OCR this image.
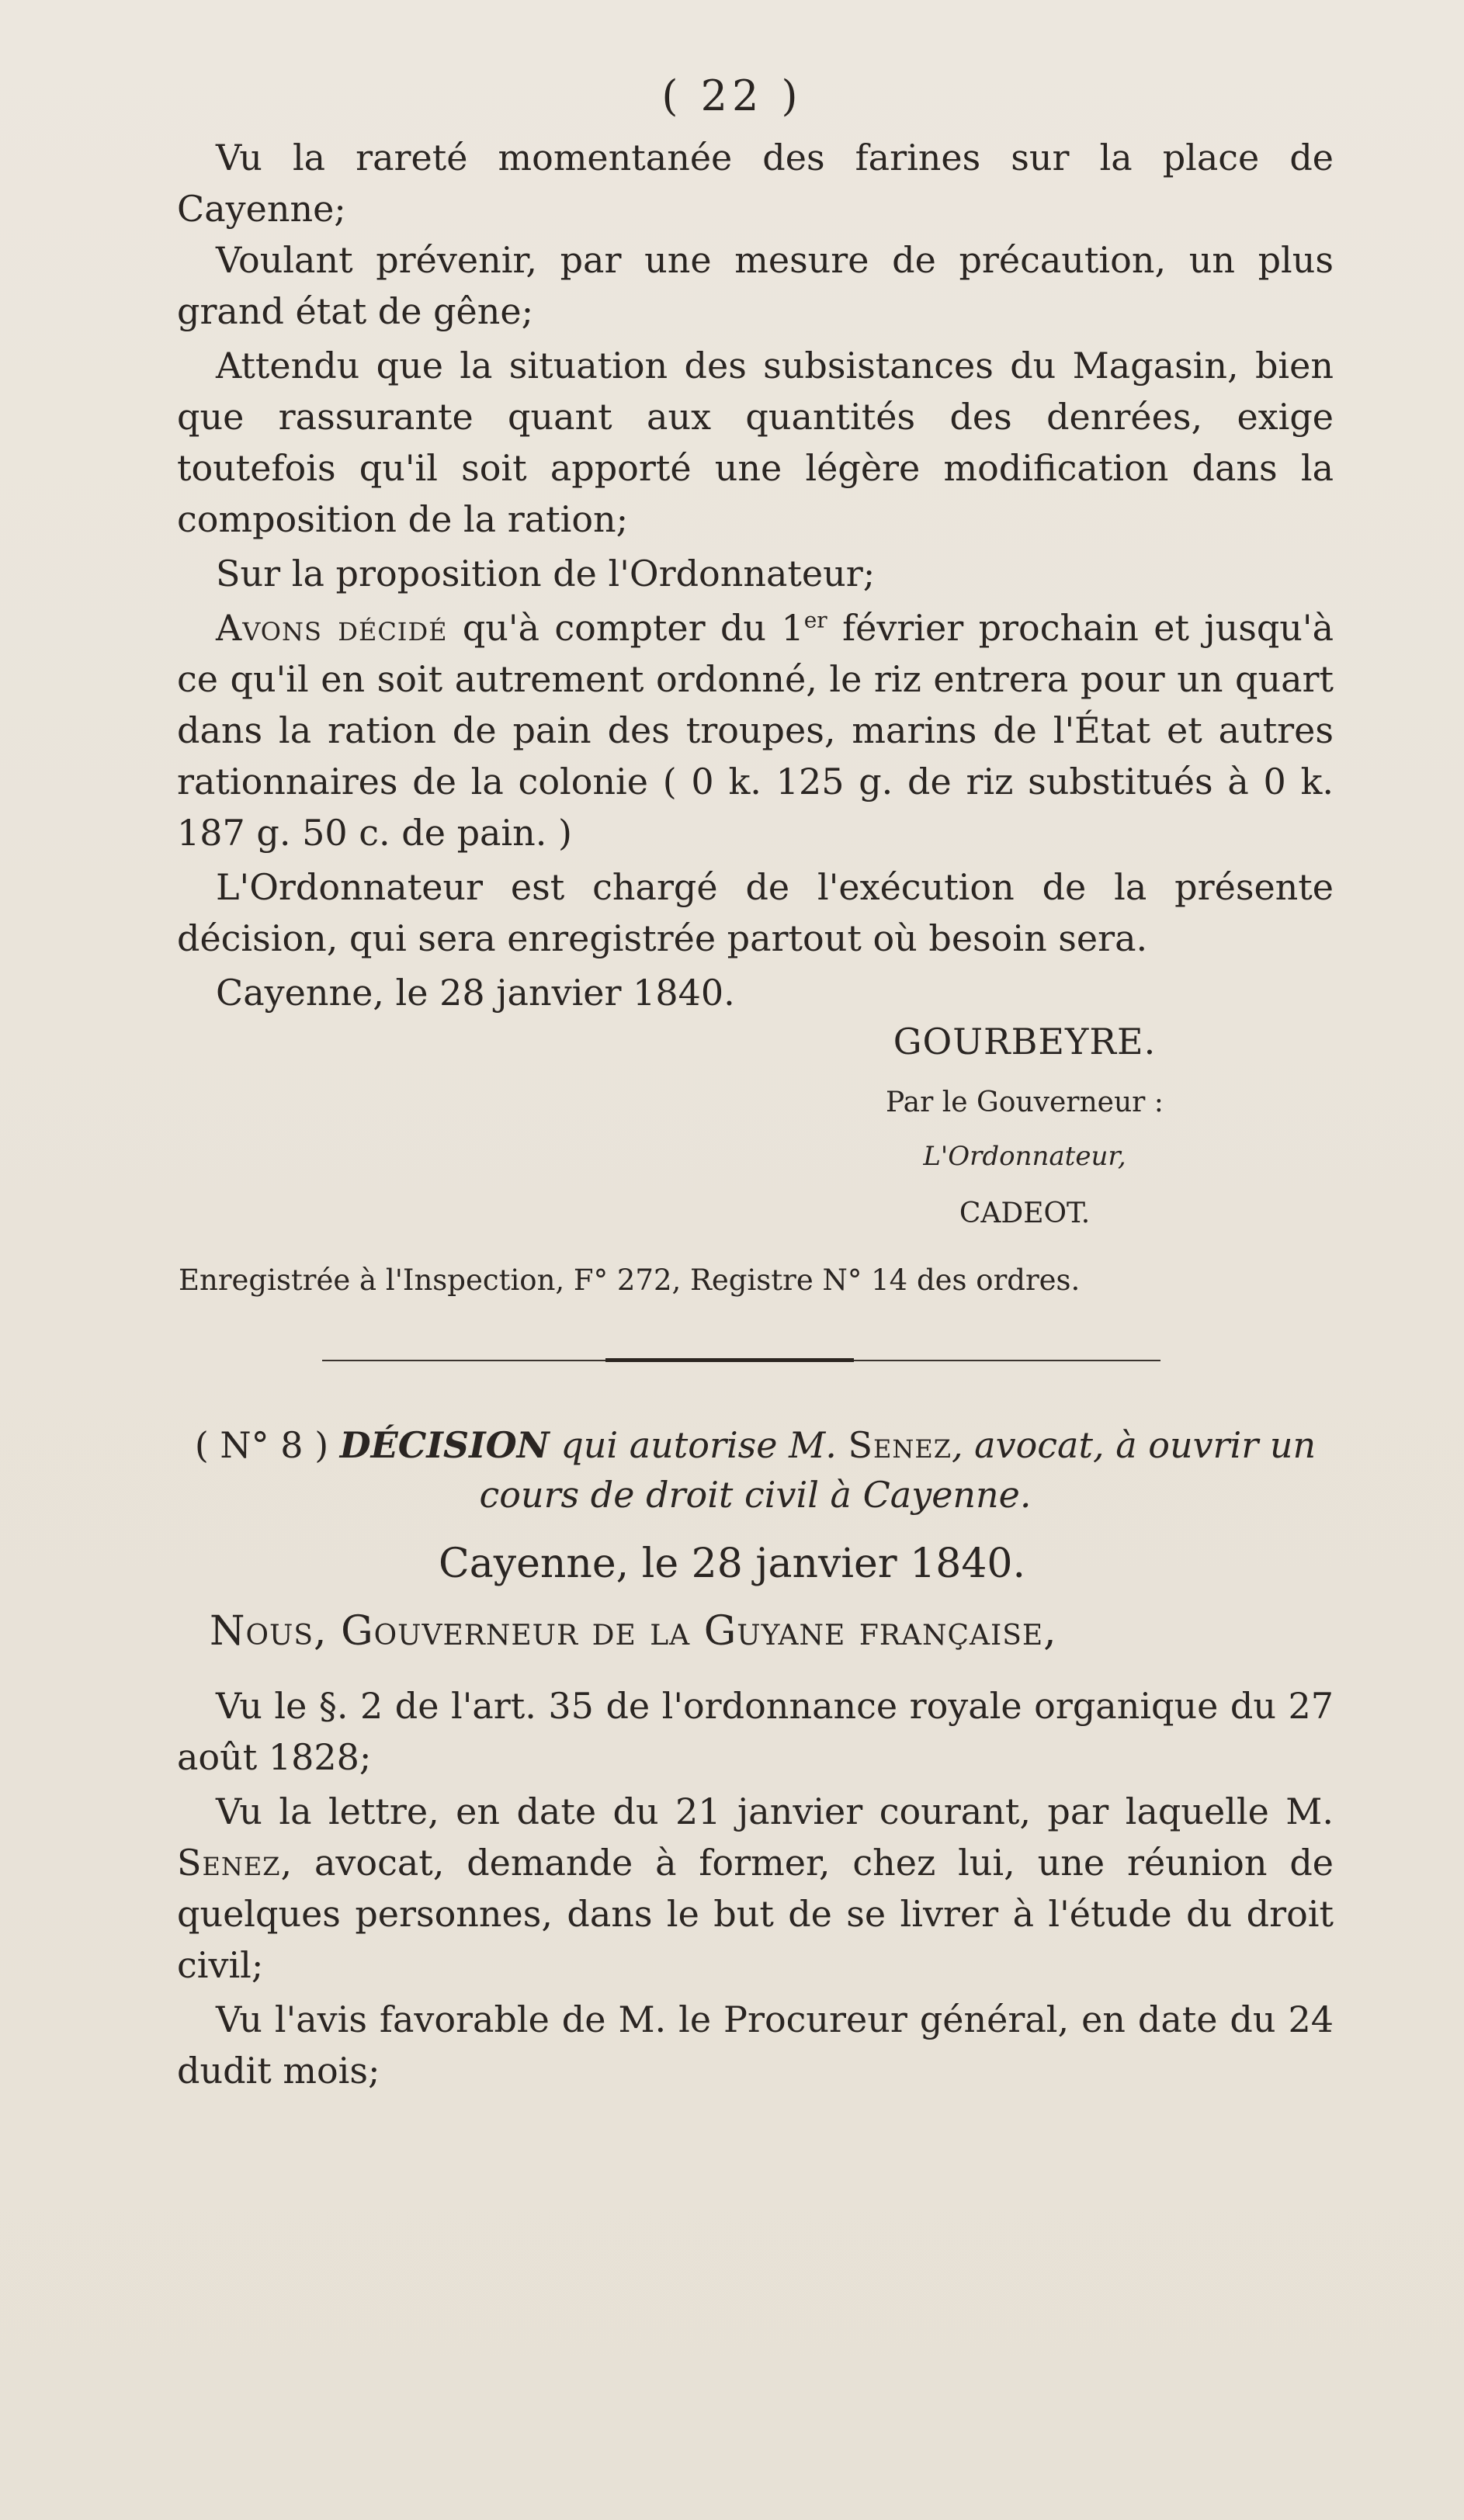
( 22 )

Vu la rareté momentanée des farines sur la place de Cayenne;

Voulant prévenir, par une mesure de précaution, un plus grand état de gêne;

Attendu que la situation des subsistances du Magasin, bien que rassurante quant aux quantités des denrées, exige toutefois qu'il soit apporté une légère modification dans la composition de la ration;

Sur la proposition de l'Ordonnateur;

Avons décidé qu'à compter du 1er février prochain et jusqu'à ce qu'il en soit autrement ordonné, le riz entrera pour un quart dans la ration de pain des troupes, marins de l'État et autres rationnaires de la colonie ( 0 k. 125 g. de riz substitués à 0 k. 187 g. 50 c. de pain. )

L'Ordonnateur est chargé de l'exécution de la présente décision, qui sera enregistrée partout où besoin sera.

Cayenne, le 28 janvier 1840.

GOURBEYRE.
Par le Gouverneur :
L'Ordonnateur,
CADEOT.
Enregistrée à l'Inspection, F° 272, Registre N° 14 des ordres.
( N° 8 ) DÉCISION qui autorise M. Senez, avocat, à ouvrir un cours de droit civil à Cayenne.
Cayenne, le 28 janvier 1840.
Nous, Gouverneur de la Guyane française,

Vu le §. 2 de l'art. 35 de l'ordonnance royale organique du 27 août 1828;

Vu la lettre, en date du 21 janvier courant, par laquelle M. Senez, avocat, demande à former, chez lui, une réunion de quelques personnes, dans le but de se livrer à l'étude du droit civil;

Vu l'avis favorable de M. le Procureur général, en date du 24 dudit mois;
